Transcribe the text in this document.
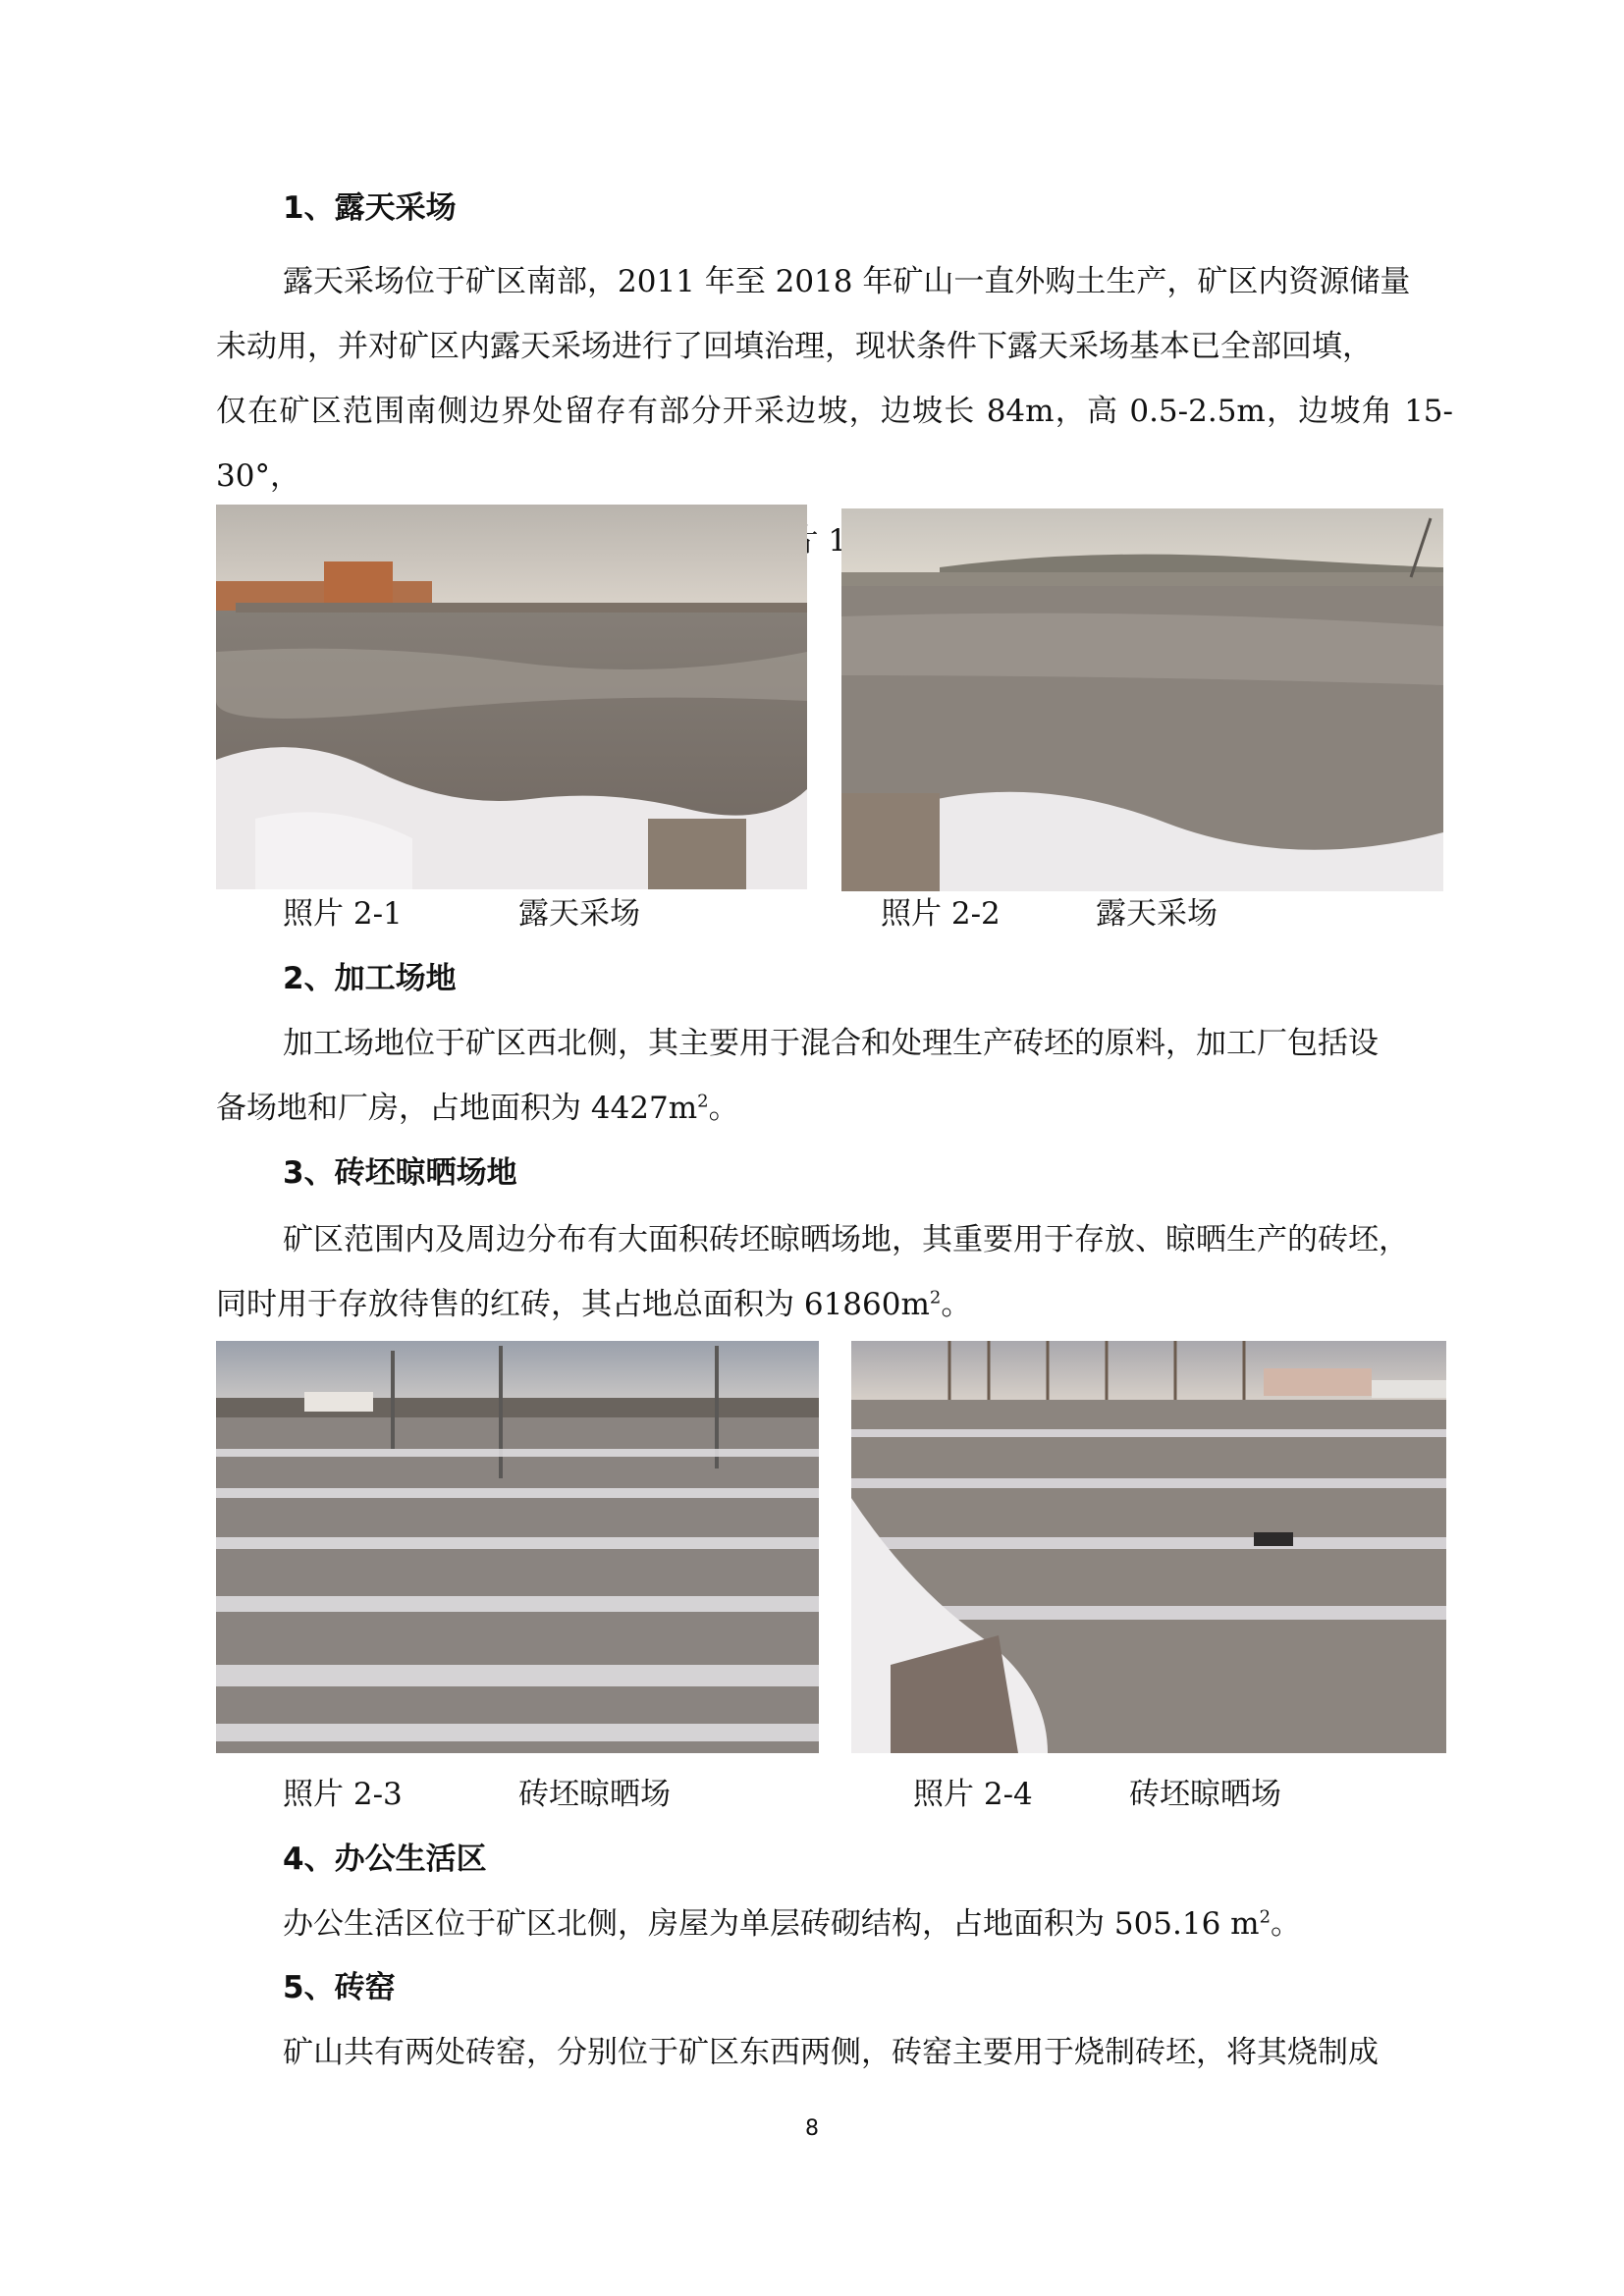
1、露天采场

露天采场位于矿区南部，2011 年至 2018 年矿山一直外购土生产，矿区内资源储量

未动用，并对矿区内露天采场进行了回填治理，现状条件下露天采场基本已全部回填，

仅在矿区范围南侧边界处留存有部分开采边坡，边坡长 84m，高 0.5-2.5m，边坡角 15-30°，

照片 2-1	露天采场	照片 2-2	露天采场
2、加工场地

加工场地位于矿区西北侧，其主要用于混合和处理生产砖坯的原料，加工厂包括设

备场地和厂房，占地面积为 $4427m^2$。

3、砖坯晾晒场地

矿区范围内及周边分布有大面积砖坯晾晒场地，其重要用于存放、晾晒生产的砖坯，

同时用于存放待售的红砖，其占地总面积为 $61860m^2$。

照片 2-3	砖坯晾晒场	照片 2-4	砖坯晾晒场
4、办公生活区

办公生活区位于矿区北侧，房屋为单层砖砌结构，占地面积为 505.16 $m^2$。

5、砖窑

矿山共有两处砖窑，分别位于矿区东西两侧，砖窑主要用于烧制砖坯，将其烧制成

8
